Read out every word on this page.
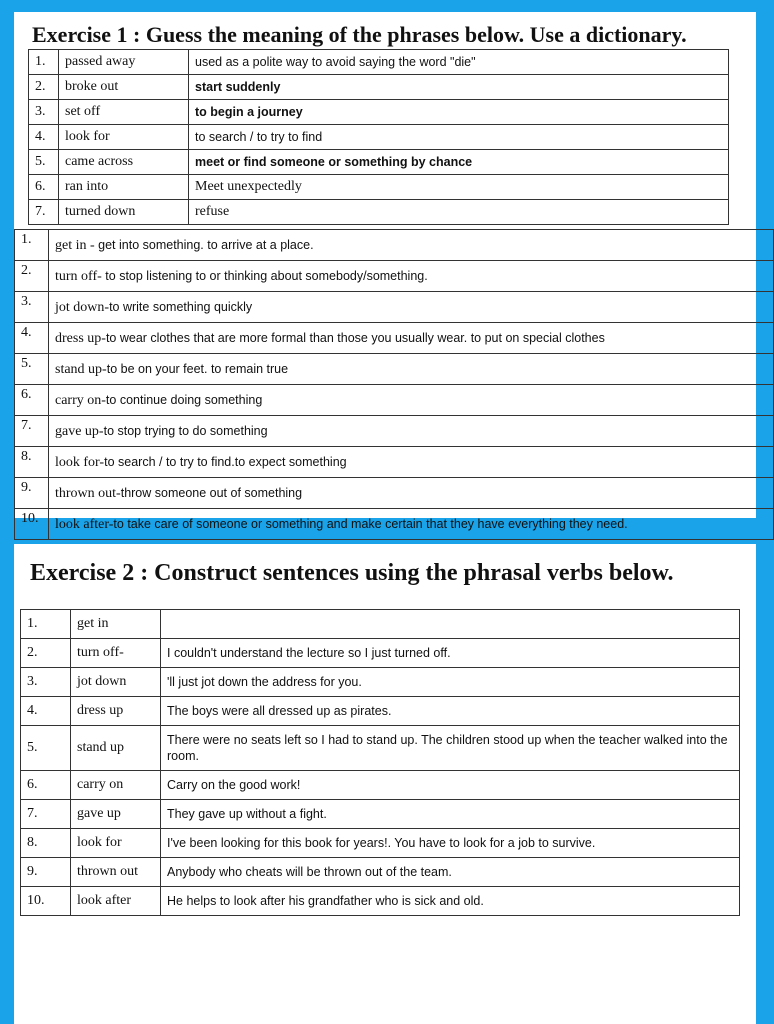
Exercise 1 : Guess the meaning of the phrases below. Use a dictionary.
1.	passed away	used as a polite way to avoid saying the word "die"
2.	broke out	start suddenly
3.	set off	to begin a journey
4.	look for	to search / to try to find
5.	came across	meet or find someone or something by chance
6.	ran into	Meet unexpectedly
7.	turned down	refuse
1.	get in - get into something. to arrive at a place.
2.	turn off- to stop listening to or thinking about somebody/something.
3.	jot down-to write something quickly
4.	dress up-to wear clothes that are more formal than those you usually wear. to put on special clothes
5.	stand up-to be on your feet. to remain true
6.	carry on-to continue doing something
7.	gave up-to stop trying to do something
8.	look for-to search / to try to find.to expect something
9.	thrown out-throw someone out of something
10.	look after-to take care of someone or something and make certain that they have everything they need.
Exercise 2 : Construct sentences using the phrasal verbs below.
1.	get in	
2.	turn off-	I couldn't understand the lecture so I just turned off.
3.	jot down	'll just jot down the address for you.
4.	dress up	The boys were all dressed up as pirates.
5.	stand up	There were no seats left so I had to stand up. The children stood up when the teacher walked into the room.
6.	carry on	Carry on the good work!
7.	gave up	They gave up without a fight.
8.	look for	I've been looking for this book for years!. You have to look for a job to survive.
9.	thrown out	Anybody who cheats will be thrown out of the team.
10.	look after	He helps to look after his grandfather who is sick and old.
